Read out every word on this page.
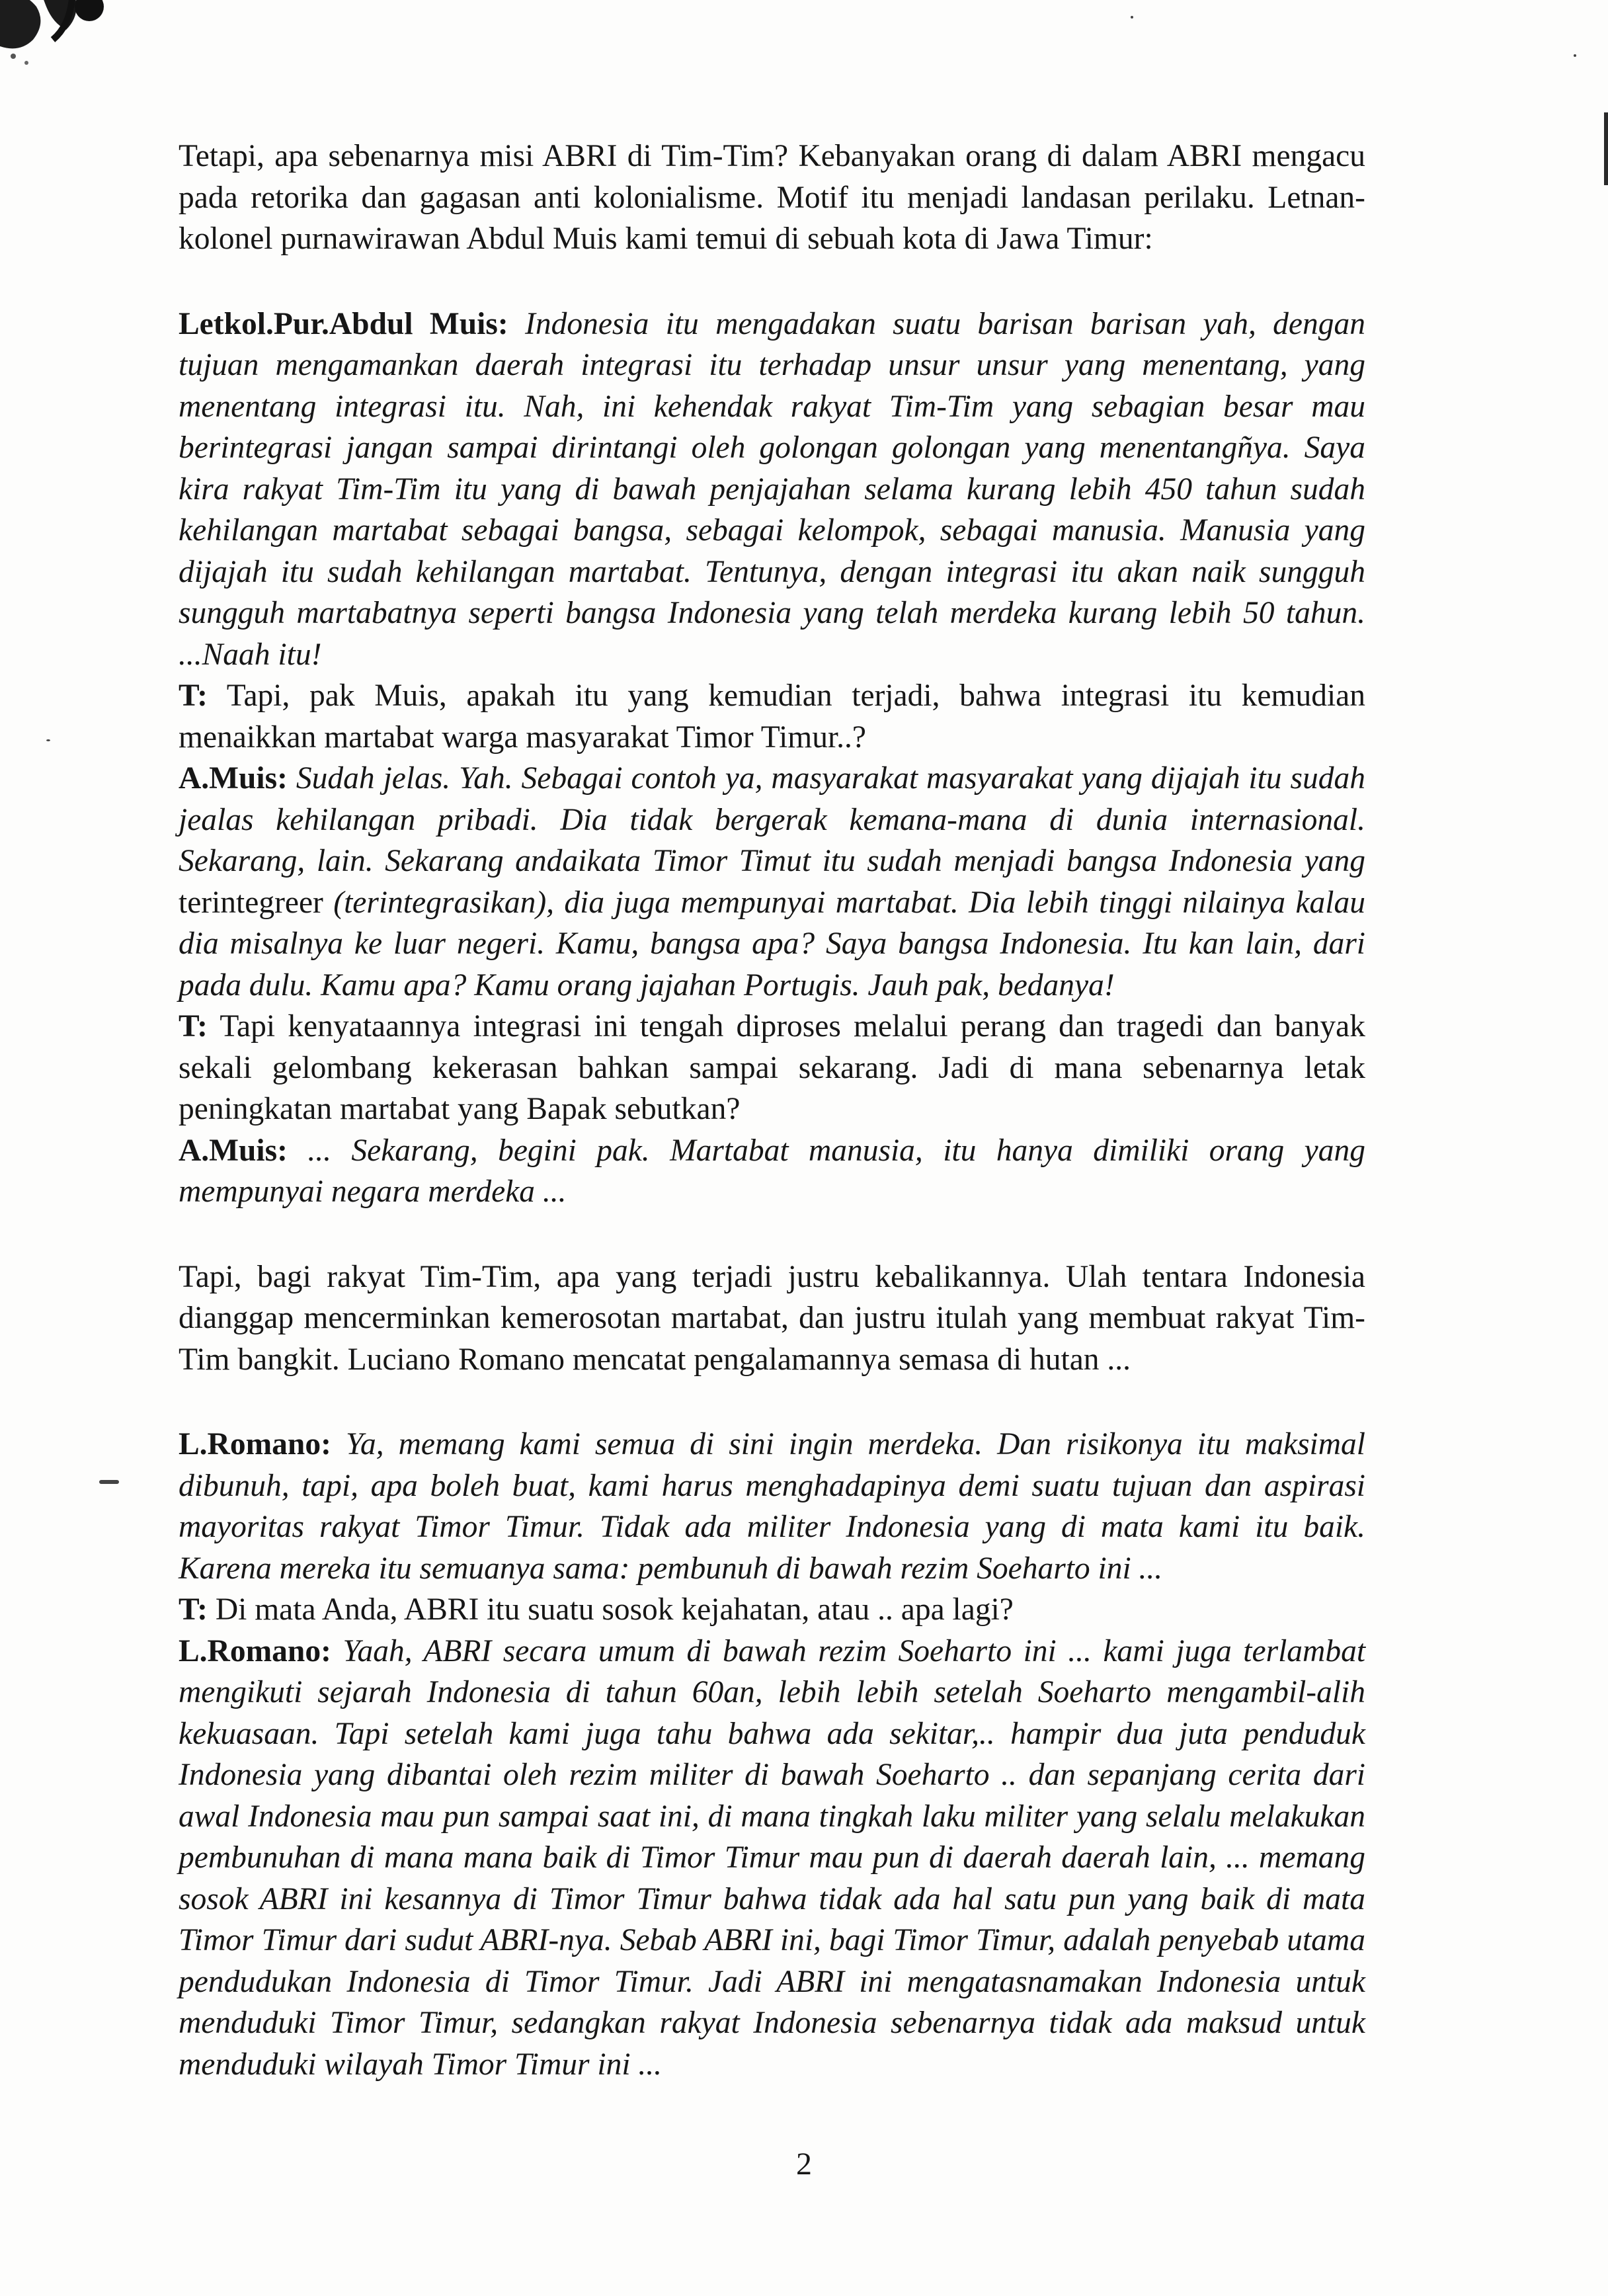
Tetapi, apa sebenarnya misi ABRI di Tim-Tim? Kebanyakan orang di dalam ABRI mengacu pada retorika dan gagasan anti kolonialisme. Motif itu menjadi landasan perilaku. Letnan-kolonel purnawirawan Abdul Muis kami temui di sebuah kota di Jawa Timur:

Letkol.Pur.Abdul Muis: Indonesia itu mengadakan suatu barisan barisan yah, dengan tujuan mengamankan daerah integrasi itu terhadap unsur unsur yang menentang, yang menentang integrasi itu. Nah, ini kehendak rakyat Tim-Tim yang sebagian besar mau berintegrasi jangan sampai dirintangi oleh golongan golongan yang menentangñya. Saya kira rakyat Tim-Tim itu yang di bawah penjajahan selama kurang lebih 450 tahun sudah kehilangan martabat sebagai bangsa, sebagai kelompok, sebagai manusia. Manusia yang dijajah itu sudah kehilangan martabat. Tentunya, dengan integrasi itu akan naik sungguh sungguh martabatnya seperti bangsa Indonesia yang telah merdeka kurang lebih 50 tahun. ...Naah itu!

T: Tapi, pak Muis, apakah itu yang kemudian terjadi, bahwa integrasi itu kemudian menaikkan martabat warga masyarakat Timor Timur..?

A.Muis: Sudah jelas. Yah. Sebagai contoh ya, masyarakat masyarakat yang dijajah itu sudah jealas kehilangan pribadi. Dia tidak bergerak kemana-mana di dunia internasional. Sekarang, lain. Sekarang andaikata Timor Timut itu sudah menjadi bangsa Indonesia yang terintegreer (terintegrasikan), dia juga mempunyai martabat. Dia lebih tinggi nilainya kalau dia misalnya ke luar negeri. Kamu, bangsa apa? Saya bangsa Indonesia. Itu kan lain, dari pada dulu. Kamu apa? Kamu orang jajahan Portugis. Jauh pak, bedanya!

T: Tapi kenyataannya integrasi ini tengah diproses melalui perang dan tragedi dan banyak sekali gelombang kekerasan bahkan sampai sekarang. Jadi di mana sebenarnya letak peningkatan martabat yang Bapak sebutkan?

A.Muis: ... Sekarang, begini pak. Martabat manusia, itu hanya dimiliki orang yang mempunyai negara merdeka ...

Tapi, bagi rakyat Tim-Tim, apa yang terjadi justru kebalikannya. Ulah tentara Indonesia dianggap mencerminkan kemerosotan martabat, dan justru itulah yang membuat rakyat Tim-Tim bangkit. Luciano Romano mencatat pengalamannya semasa di hutan ...

L.Romano: Ya, memang kami semua di sini ingin merdeka. Dan risikonya itu maksimal dibunuh, tapi, apa boleh buat, kami harus menghadapinya demi suatu tujuan dan aspirasi mayoritas rakyat Timor Timur. Tidak ada militer Indonesia yang di mata kami itu baik. Karena mereka itu semuanya sama: pembunuh di bawah rezim Soeharto ini ...

T: Di mata Anda, ABRI itu suatu sosok kejahatan, atau .. apa lagi?

L.Romano: Yaah, ABRI secara umum di bawah rezim Soeharto ini ... kami juga terlambat mengikuti sejarah Indonesia di tahun 60an, lebih lebih setelah Soeharto mengambil-alih kekuasaan. Tapi setelah kami juga tahu bahwa ada sekitar,.. hampir dua juta penduduk Indonesia yang dibantai oleh rezim militer di bawah Soeharto .. dan sepanjang cerita dari awal Indonesia mau pun sampai saat ini, di mana tingkah laku militer yang selalu melakukan pembunuhan di mana mana baik di Timor Timur mau pun di daerah daerah lain, ... memang sosok ABRI ini kesannya di Timor Timur bahwa tidak ada hal satu pun yang baik di mata Timor Timur dari sudut ABRI-nya. Sebab ABRI ini, bagi Timor Timur, adalah penyebab utama pendudukan Indonesia di Timor Timur. Jadi ABRI ini mengatasnamakan Indonesia untuk menduduki Timor Timur, sedangkan rakyat Indonesia sebenarnya tidak ada maksud untuk menduduki wilayah Timor Timur ini ...

2
